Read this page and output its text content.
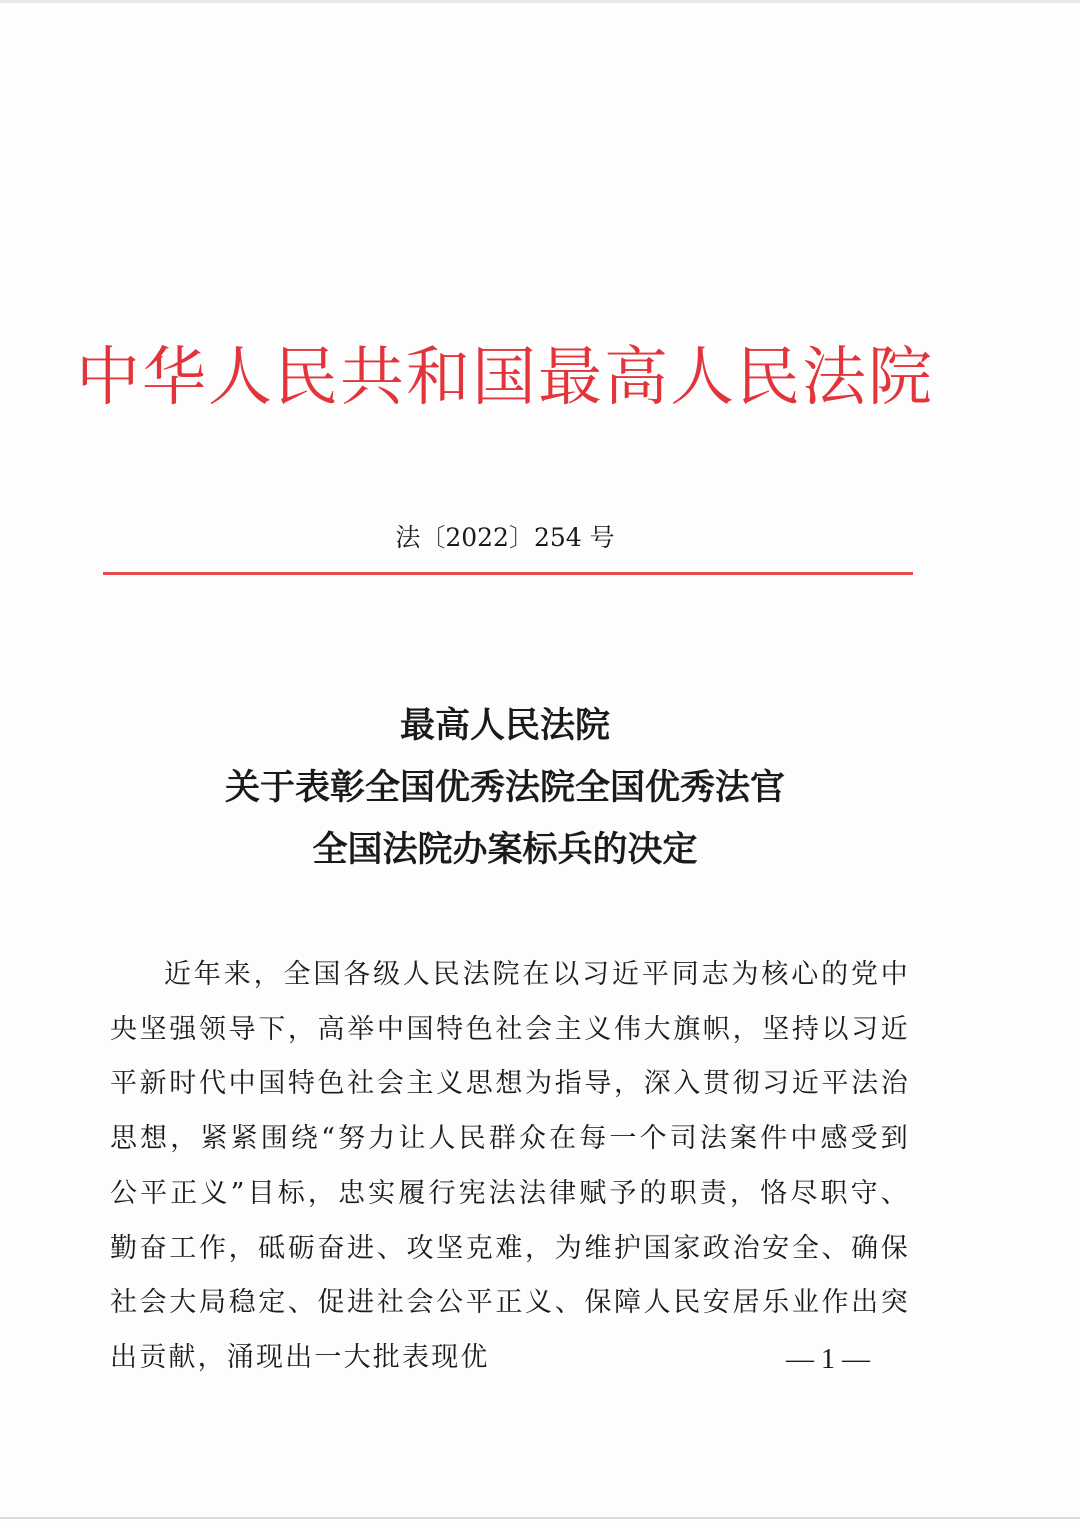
中华人民共和国最高人民法院
法〔2022〕254 号
最高人民法院
关于表彰全国优秀法院全国优秀法官
全国法院办案标兵的决定

近年来，全国各级人民法院在以习近平同志为核心的党中央坚强领导下，高举中国特色社会主义伟大旗帜，坚持以习近平新时代中国特色社会主义思想为指导，深入贯彻习近平法治思想，紧紧围绕“努力让人民群众在每一个司法案件中感受到公平正义”目标，忠实履行宪法法律赋予的职责，恪尽职守、勤奋工作，砥砺奋进、攻坚克难，为维护国家政治安全、确保社会大局稳定、促进社会公平正义、保障人民安居乐业作出突出贡献，涌现出一大批表现优	— 1 —
